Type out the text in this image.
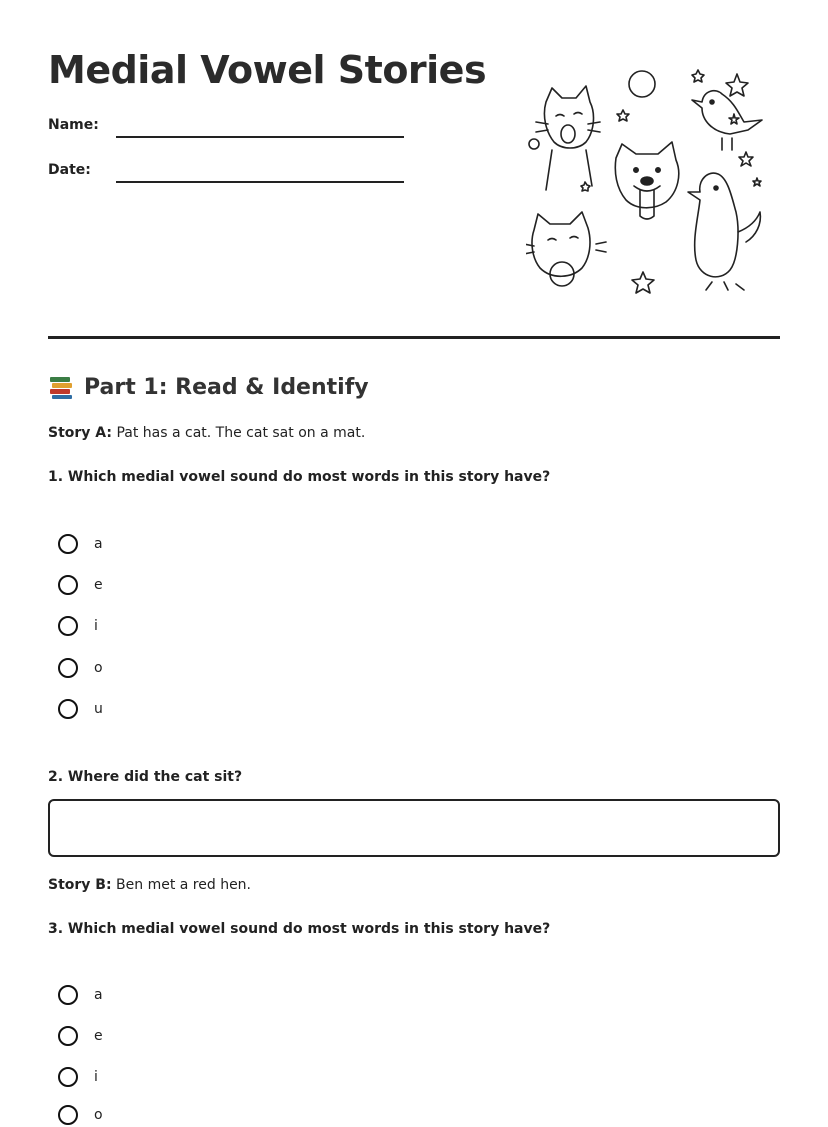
Medial Vowel Stories
Name:
Date:
Part 1: Read & Identify
Story A: Pat has a cat. The cat sat on a mat.
1. Which medial vowel sound do most words in this story have?
a
e
i
o
u
2. Where did the cat sit?
Story B: Ben met a red hen.
3. Which medial vowel sound do most words in this story have?
a
e
i
o
